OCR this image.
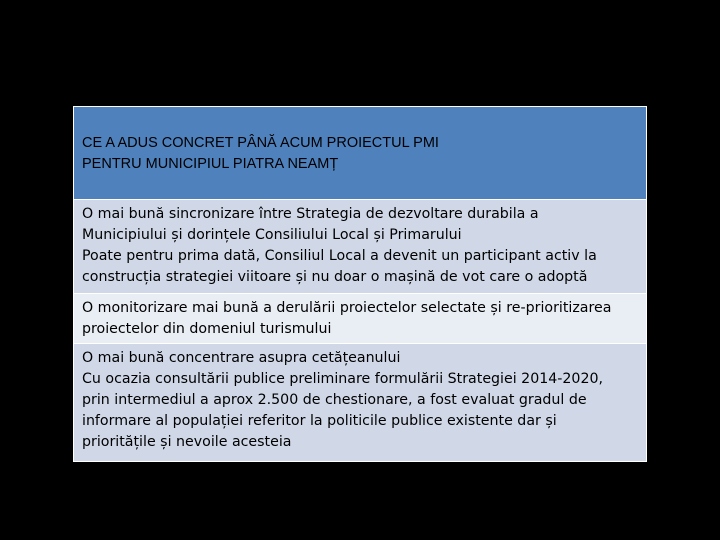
CE A ADUS CONCRET PÂNĂ ACUM PROIECTUL PMI
PENTRU MUNICIPIUL PIATRA NEAMȚ
O mai bună sincronizare între Strategia de dezvoltare durabila a
Municipiului și dorințele Consiliului Local și Primarului
Poate pentru prima dată, Consiliul Local a devenit un participant activ la
construcția strategiei viitoare și nu doar o mașină de vot care o adoptă
O monitorizare mai bună a derulării proiectelor selectate și re-prioritizarea
proiectelor din domeniul turismului
O mai bună concentrare asupra cetățeanului
Cu ocazia consultării publice preliminare formulării Strategiei 2014-2020,
prin intermediul a aprox 2.500 de chestionare, a fost evaluat gradul de
informare al populației referitor la politicile publice existente dar și
prioritățile și nevoile acesteia
